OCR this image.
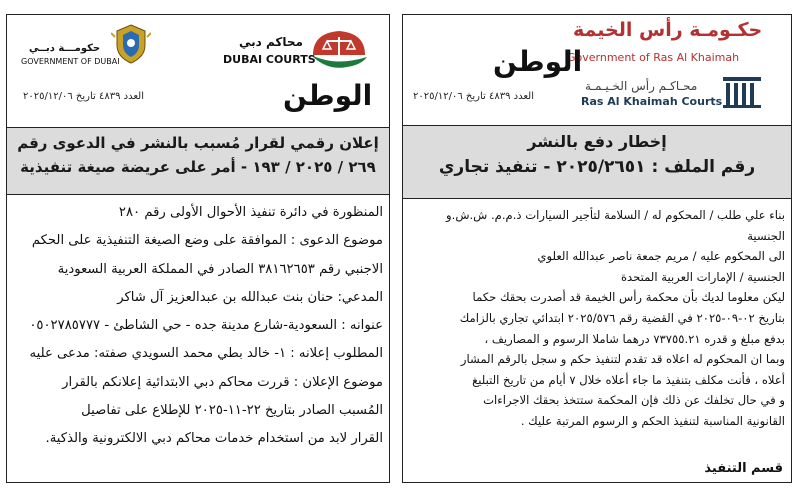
حكومـــة دبــي
GOVERNMENT OF DUBAI
محاكم دبي
DUBAI COURTS
الوطن
العدد ٤٨٣٩ تاريخ ٢٠٢٥/١٢/٠٦
إعلان رقمي لقرار مُسبب بالنشر في الدعوى رقم
٢٦٩ / ٢٠٢٥ / ١٩٣ - أمر على عريضة صيغة تنفيذية

المنظورة في دائرة تنفيذ الأحوال الأولى رقم ٢٨٠

موضوع الدعوى : الموافقة على وضع الصيغة التنفيذية على الحكم

الاجنبي رقم ٣٨١٦٢٦٥٣ الصادر في المملكة العربية السعودية

المدعي: حنان بنت عبدالله بن عبدالعزيز آل شاكر

عنوانه : السعودية-شارع مدينة جده - حي الشاطئ - ٠٥٠٢٧٨٥٧٧٧

المطلوب إعلانه : ١- خالد بطي محمد السويدي صفته: مدعى عليه

موضوع الإعلان : قررت محاكم دبي الابتدائية إعلانكم بالقرار

المُسبب الصادر بتاريخ ٢٢-١١-٢٠٢٥ للإطلاع على تفاصيل

القرار لابد من استخدام خدمات محاكم دبي الالكترونية والذكية.

حكـومـة رأس الخيمة
Government of Ras Al Khaimah
محـاكـم رأس الخـيـمـة
Ras Al Khaimah Courts
الوطن
العدد ٤٨٣٩ تاريخ ٢٠٢٥/١٢/٠٦
إخطار دفع بالنشر
رقم الملف : ٢٠٢٥/٢٦٥١ - تنفيذ تجاري

بناء علي طلب / المحكوم له / السلامة لتأجير السيارات ذ.م.م. ش.ش.و

الجنسية

الى المحكوم عليه / مريم جمعة ناصر عبدالله العلوي

الجنسية / الإمارات العربية المتحدة

ليكن معلوما لديك بأن محكمة رأس الخيمة قد أصدرت بحقك حكما

بتاريخ ٠٢-٠٩-٢٠٢٥ في القضية رقم ٢٠٢٥/٥٧٦ ابتدائي تجاري بالزامك

بدفع مبلغ و قدره ٧٣٧٥٥.٢١ درهما شاملا الرسوم و المصاريف ،

وبما ان المحكوم له اعلاه قد تقدم لتنفيذ حكم و سجل بالرقم المشار

أعلاه ، فأنت مكلف بتنفيذ ما جاء أعلاه خلال ٧ أيام من تاريخ التبليغ

و في حال تخلفك عن ذلك فإن المحكمة ستتخذ بحقك الاجراءات

القانونية المناسبة لتنفيذ الحكم و الرسوم المرتبة عليك .

قسم التنفيذ
